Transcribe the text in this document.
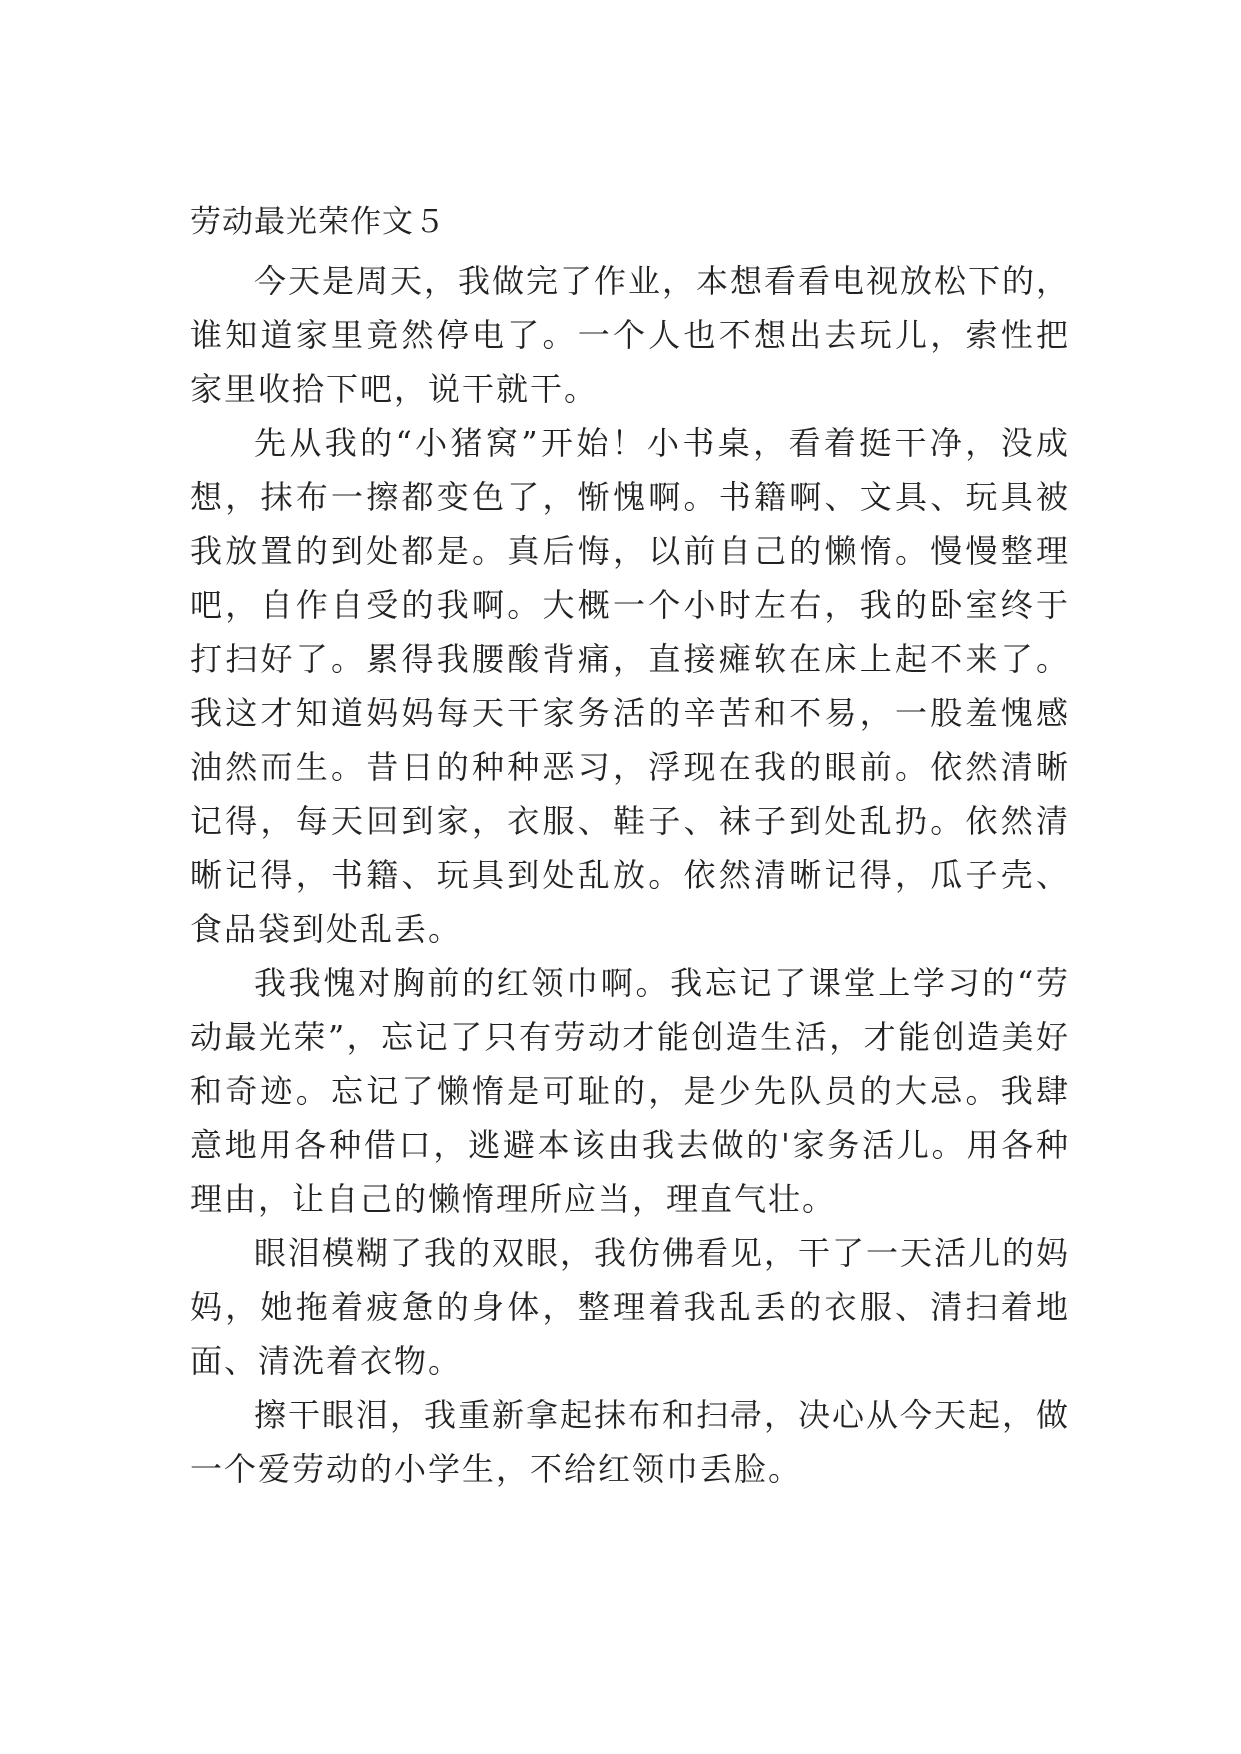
劳动最光荣作文５

今天是周天，我做完了作业，本想看看电视放松下的，谁知道家里竟然停电了。一个人也不想出去玩儿，索性把家里收拾下吧，说干就干。

先从我的“小猪窝”开始！小书桌，看着挺干净，没成想，抹布一擦都变色了，惭愧啊。书籍啊、文具、玩具被我放置的到处都是。真后悔，以前自己的懒惰。慢慢整理吧，自作自受的我啊。大概一个小时左右，我的卧室终于打扫好了。累得我腰酸背痛，直接瘫软在床上起不来了。我这才知道妈妈每天干家务活的辛苦和不易，一股羞愧感油然而生。昔日的种种恶习，浮现在我的眼前。依然清晰记得，每天回到家，衣服、鞋子、袜子到处乱扔。依然清晰记得，书籍、玩具到处乱放。依然清晰记得，瓜子壳、食品袋到处乱丢。

我我愧对胸前的红领巾啊。我忘记了课堂上学习的“劳动最光荣”，忘记了只有劳动才能创造生活，才能创造美好和奇迹。忘记了懒惰是可耻的，是少先队员的大忌。我肆意地用各种借口，逃避本该由我去做的'家务活儿。用各种理由，让自己的懒惰理所应当，理直气壮。

眼泪模糊了我的双眼，我仿佛看见，干了一天活儿的妈妈，她拖着疲惫的身体，整理着我乱丢的衣服、清扫着地面、清洗着衣物。

擦干眼泪，我重新拿起抹布和扫帚，决心从今天起，做一个爱劳动的小学生，不给红领巾丢脸。
